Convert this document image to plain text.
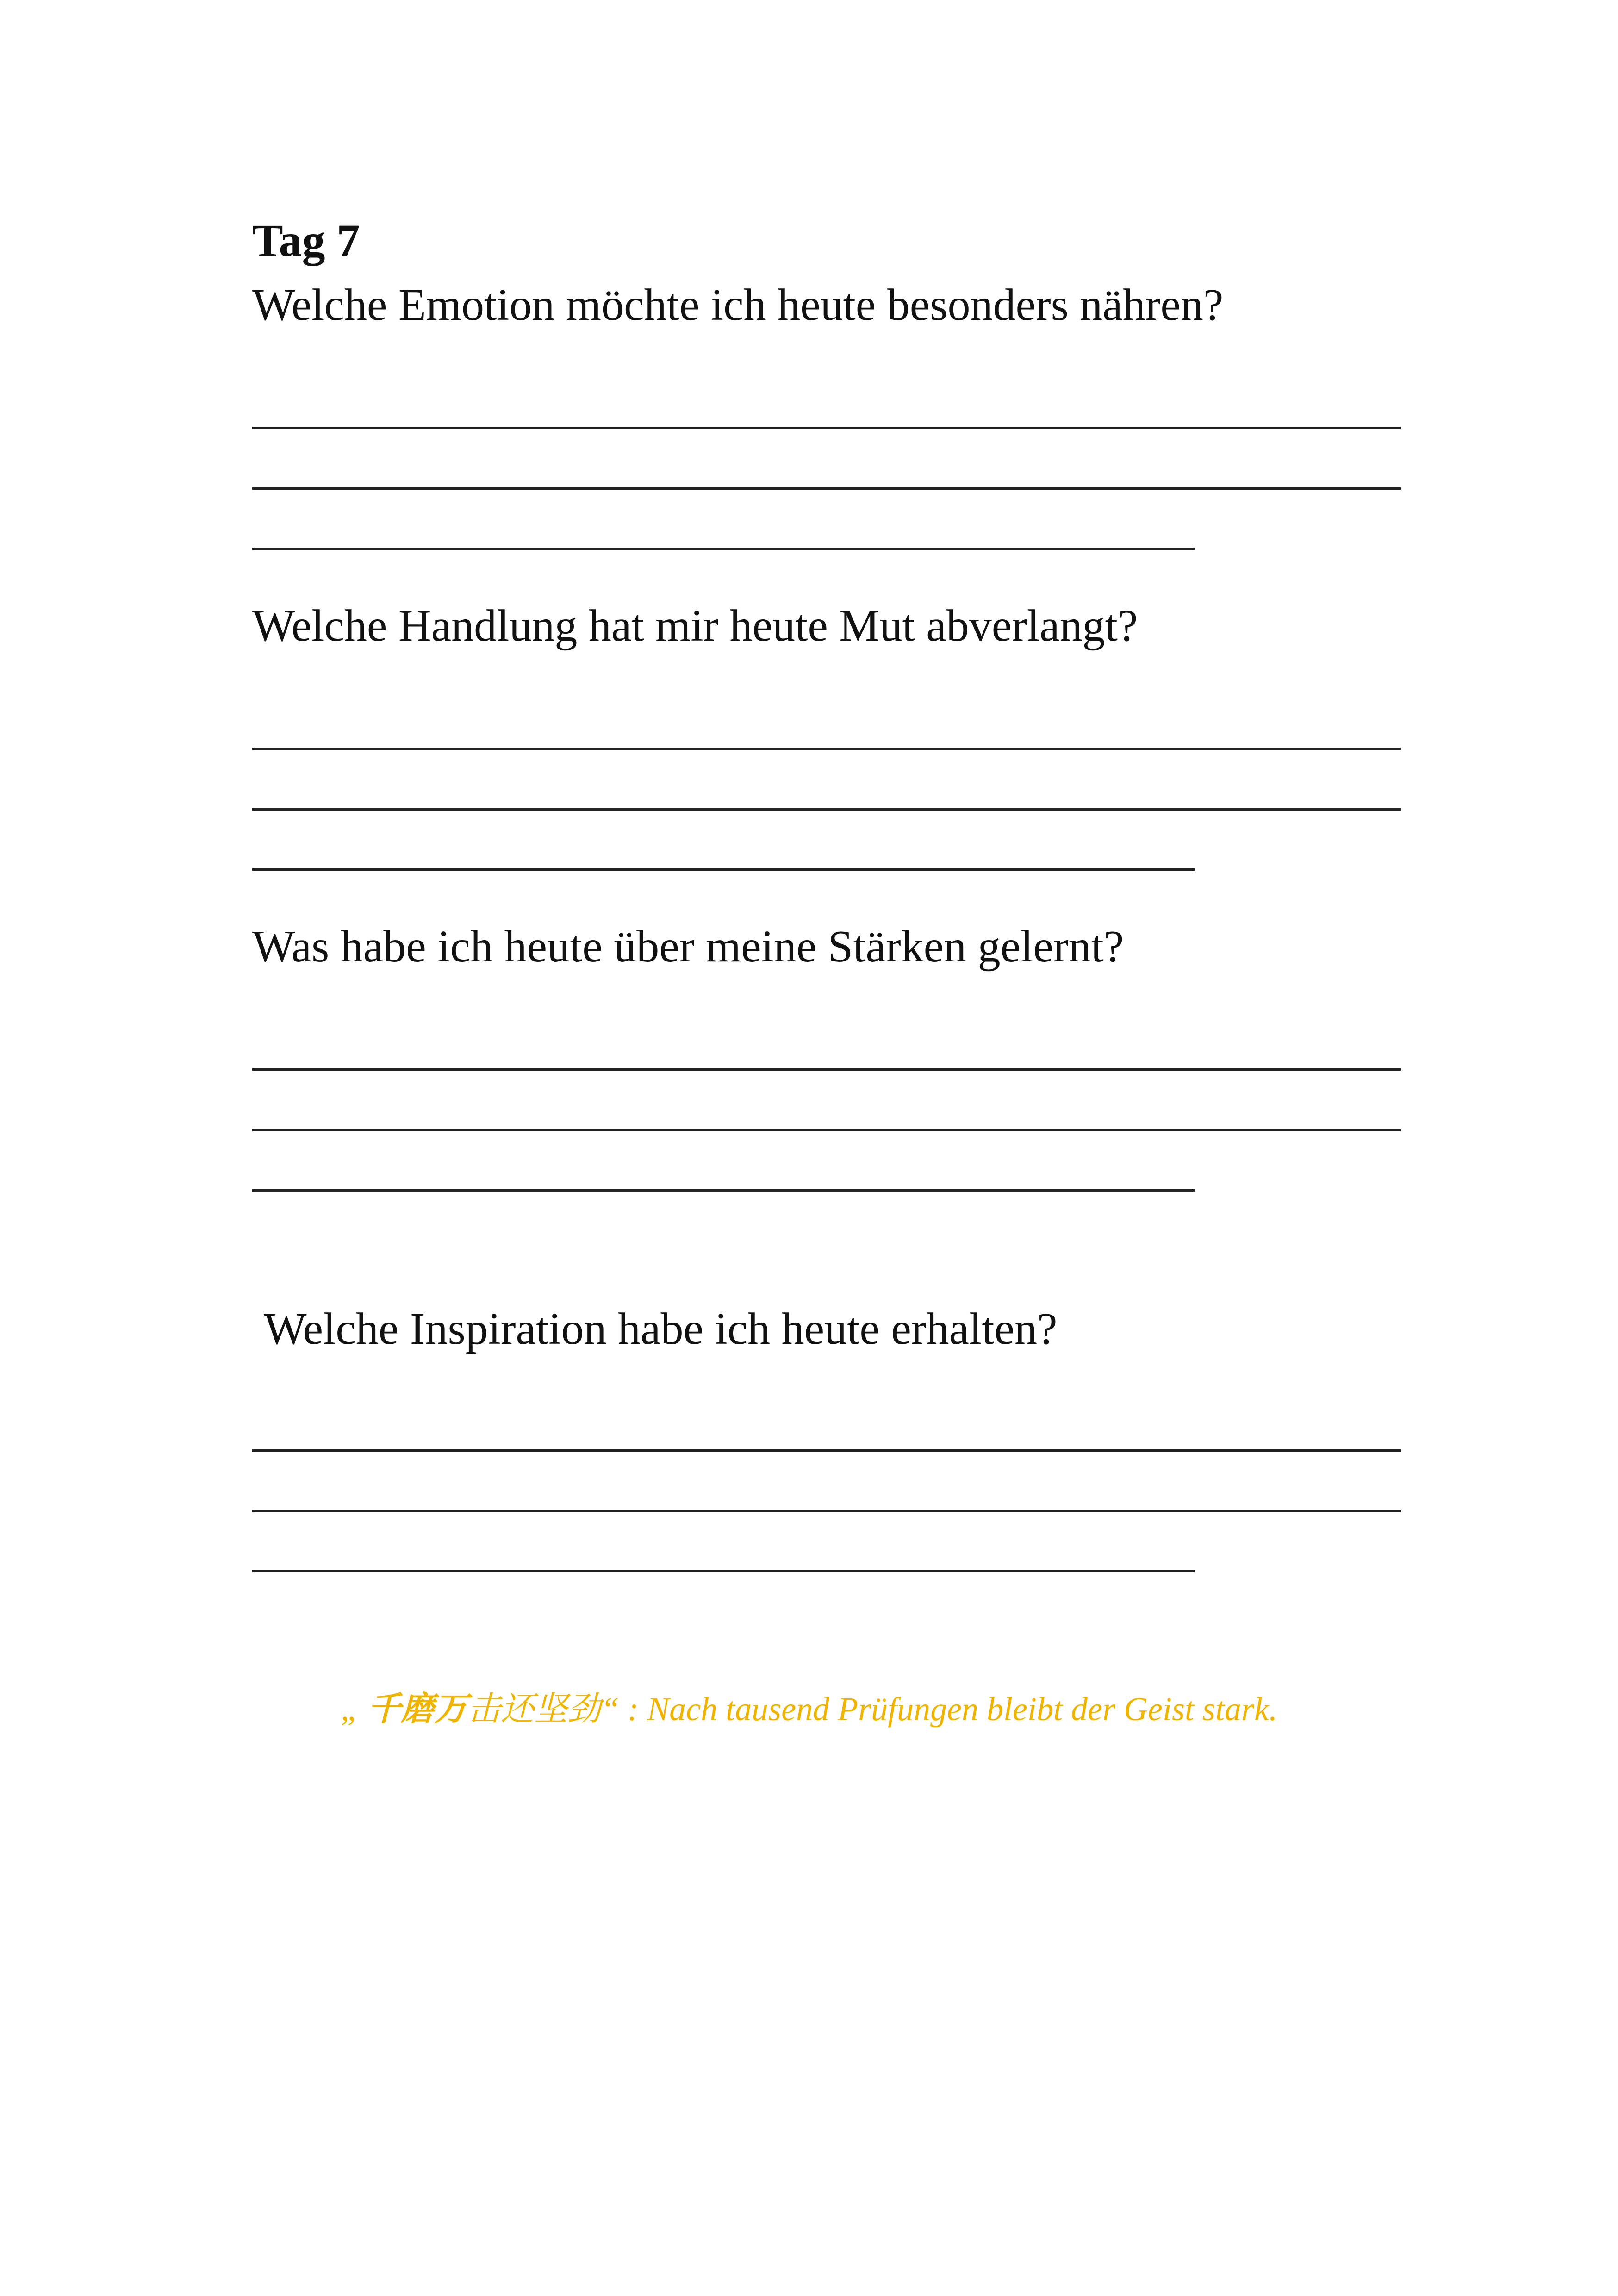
Tag 7

Welche Emotion möchte ich heute besonders nähren?

Welche Handlung hat mir heute Mut abverlangt?

Was habe ich heute über meine Stärken gelernt?

Welche Inspiration habe ich heute erhalten?

„ 千磨万击还坚劲“ : Nach tausend Prüfungen bleibt der Geist stark.
